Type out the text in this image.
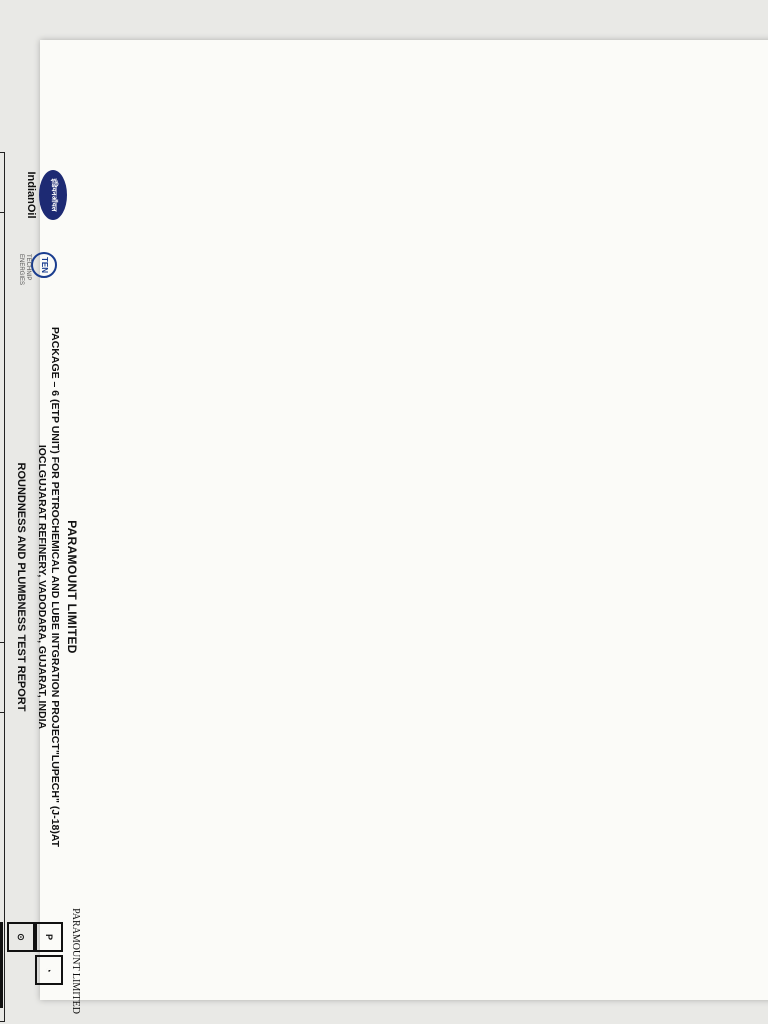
इंडियनऑयल
IndianOil
TENTECHNIP ENERGIES
PARAMOUNT LIMITED
PARAMOUNT LIMITED
PACKAGE – 6 (ETP UNIT) FOR PETROCHEMICAL AND LUBE INTGRATION PROJECT"LUPECH" (J-18)AT
IOCLGUJARAT REFINERY, VADODARA, GUJARAT, INDIA
ROUNDNESS AND PLUMBNESS TEST REPORT
P◔⊙
